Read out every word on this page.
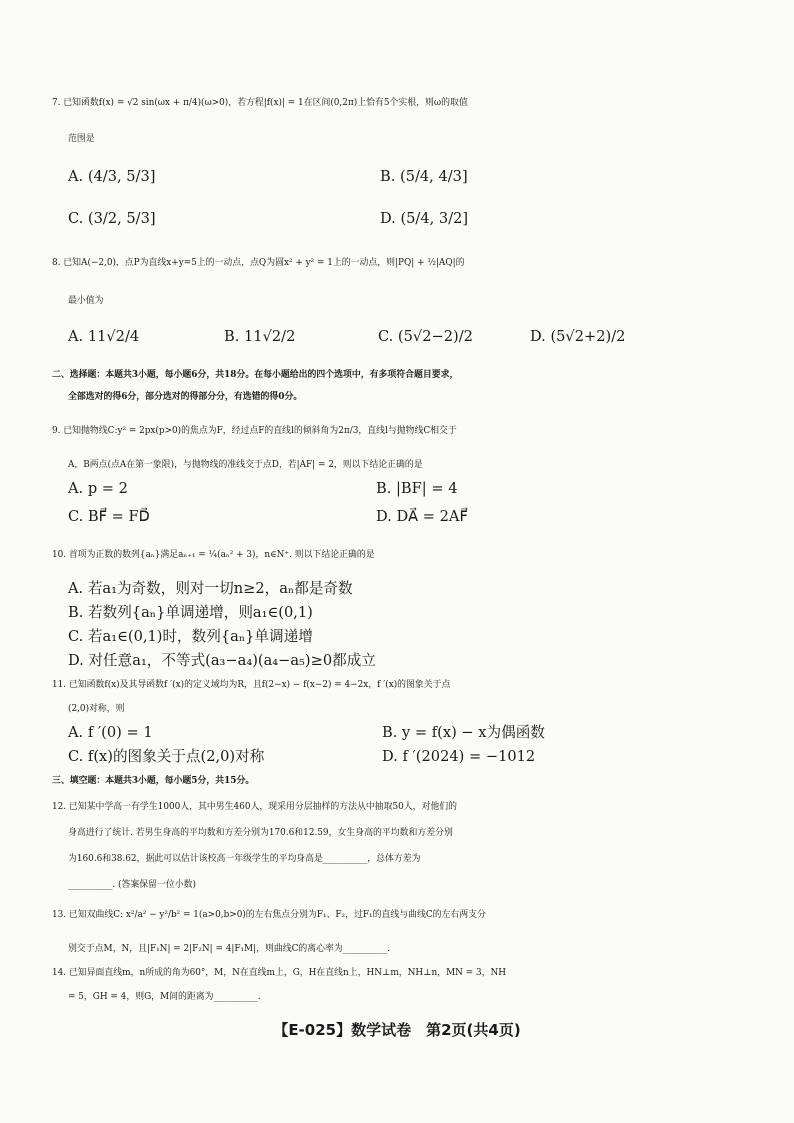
7. 已知函数f(x) = √2 sin(ωx + π/4)(ω>0)，若方程|f(x)| = 1在区间(0,2π)上恰有5个实根，则ω的取值
范围是
A. (4/3, 5/3]	B. (5/4, 4/3]
C. (3/2, 5/3]	D. (5/4, 3/2]
8. 已知A(−2,0)，点P为直线x+y=5上的一动点，点Q为圆x² + y² = 1上的一动点，则|PQ| + ½|AQ|的
最小值为
A. 11√2/4	B. 11√2/2	C. (5√2−2)/2	D. (5√2+2)/2
二、选择题：本题共3小题，每小题6分，共18分。在每小题给出的四个选项中，有多项符合题目要求，
全部选对的得6分，部分选对的得部分分，有选错的得0分。
9. 已知抛物线C:y² = 2px(p>0)的焦点为F，经过点F的直线l的倾斜角为2π/3，直线l与抛物线C相交于
A，B两点(点A在第一象限)，与抛物线的准线交于点D，若|AF| = 2，则以下结论正确的是
A. p = 2	B. |BF| = 4
C. BF⃗ = FD⃗	D. DA⃗ = 2AF⃗
10. 首项为正数的数列{aₙ}满足aₙ₊₁ = ¼(aₙ² + 3)，n∈N⁺. 则以下结论正确的是
A. 若a₁为奇数，则对一切n≥2，aₙ都是奇数
B. 若数列{aₙ}单调递增，则a₁∈(0,1)
C. 若a₁∈(0,1)时，数列{aₙ}单调递增
D. 对任意a₁，不等式(a₃−a₄)(a₄−a₅)≥0都成立
11. 已知函数f(x)及其导函数f ′(x)的定义域均为R，且f(2−x) − f(x−2) = 4−2x，f ′(x)的图象关于点
(2,0)对称，则
A. f ′(0) = 1	B. y = f(x) − x为偶函数
C. f(x)的图象关于点(2,0)对称	D. f ′(2024) = −1012
三、填空题：本题共3小题，每小题5分，共15分。
12. 已知某中学高一有学生1000人，其中男生460人，现采用分层抽样的方法从中抽取50人，对他们的
身高进行了统计. 若男生身高的平均数和方差分别为170.6和12.59，女生身高的平均数和方差分别
为160.6和38.62，据此可以估计该校高一年级学生的平均身高是__________，总体方差为
__________. (答案保留一位小数)
13. 已知双曲线C: x²/a² − y²/b² = 1(a>0,b>0)的左右焦点分别为F₁、F₂，过F₁的直线与曲线C的左右两支分
别交于点M，N，且|F₁N| = 2|F₂N| = 4|F₁M|，则曲线C的离心率为__________.
14. 已知异面直线m，n所成的角为60°，M，N在直线m上，G，H在直线n上，HN⊥m，NH⊥n，MN = 3，NH
= 5，GH = 4，则G，M间的距离为__________.
【E-025】数学试卷　第2页(共4页)
